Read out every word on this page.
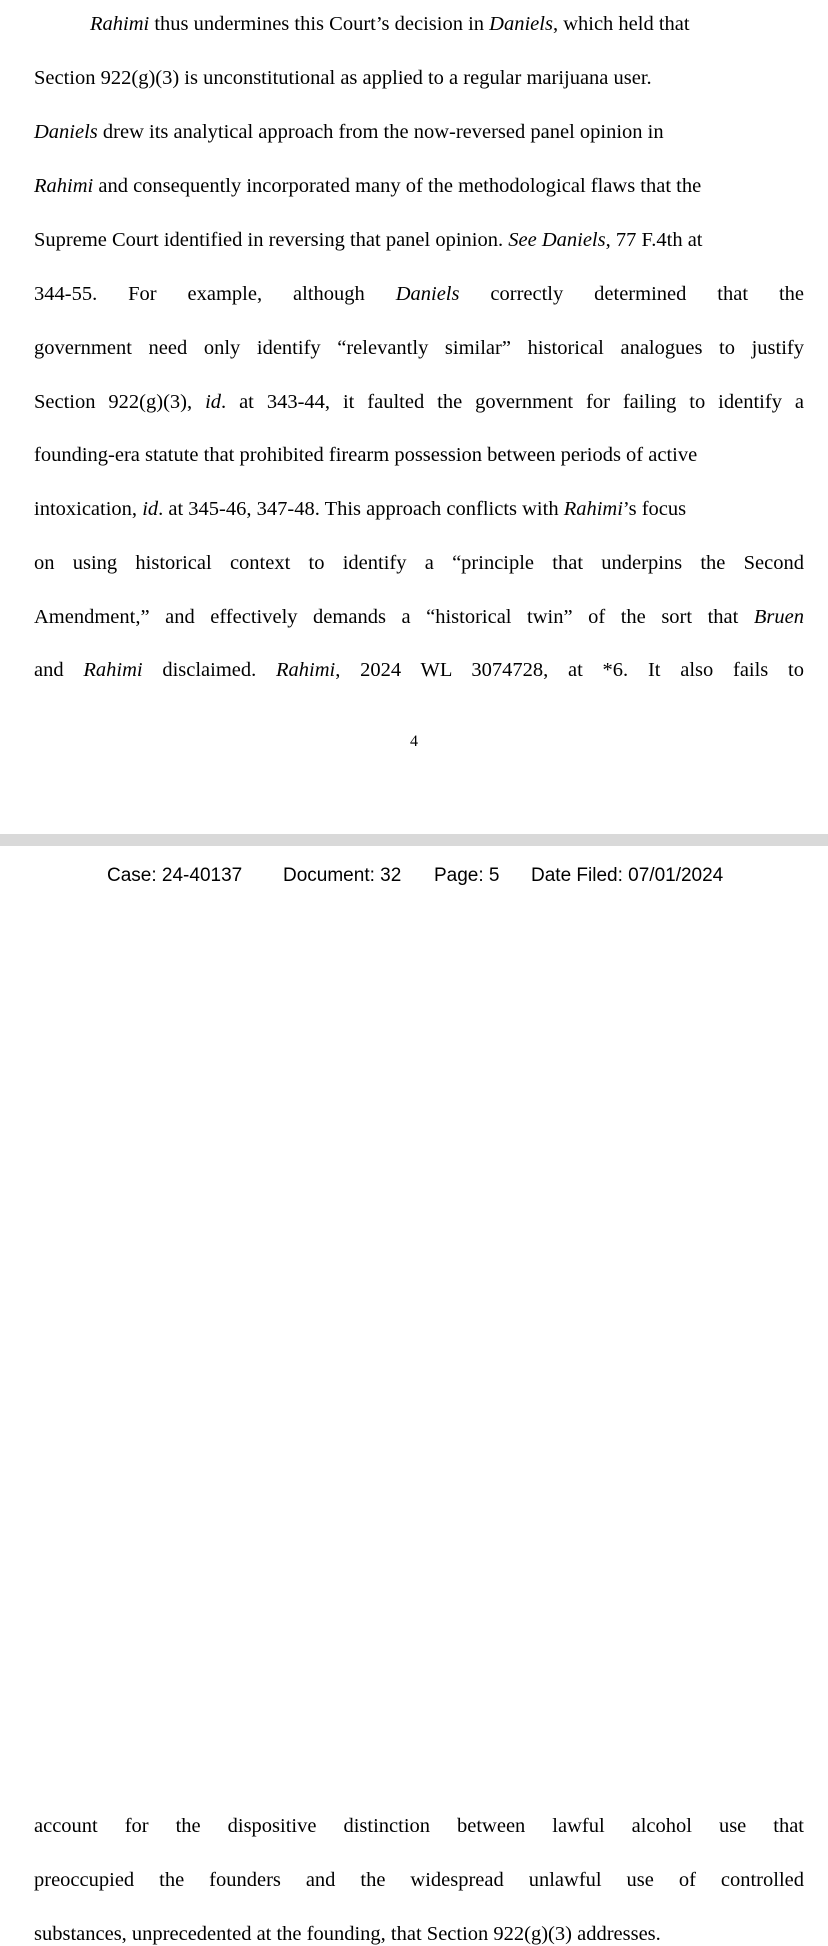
Rahimi thus undermines this Court’s decision in Daniels, which held that
Section 922(g)(3) is unconstitutional as applied to a regular marijuana user.
Daniels drew its analytical approach from the now-reversed panel opinion in
Rahimi and consequently incorporated many of the methodological flaws that the
Supreme Court identified in reversing that panel opinion. See Daniels, 77 F.4th at
344-55. For example, although Daniels correctly determined that the
government need only identify “relevantly similar” historical analogues to justify
Section 922(g)(3), id. at 343-44, it faulted the government for failing to identify a
founding-era statute that prohibited firearm possession between periods of active
intoxication, id. at 345-46, 347-48. This approach conflicts with Rahimi’s focus
on using historical context to identify a “principle that underpins the Second
Amendment,” and effectively demands a “historical twin” of the sort that Bruen
and Rahimi disclaimed. Rahimi, 2024 WL 3074728, at *6. It also fails to
4
account for the dispositive distinction between lawful alcohol use that
preoccupied the founders and the widespread unlawful use of controlled
substances, unprecedented at the founding, that Section 922(g)(3) addresses.
Case: 24-40137 Document: 32 Page: 5 Date Filed: 07/01/2024
